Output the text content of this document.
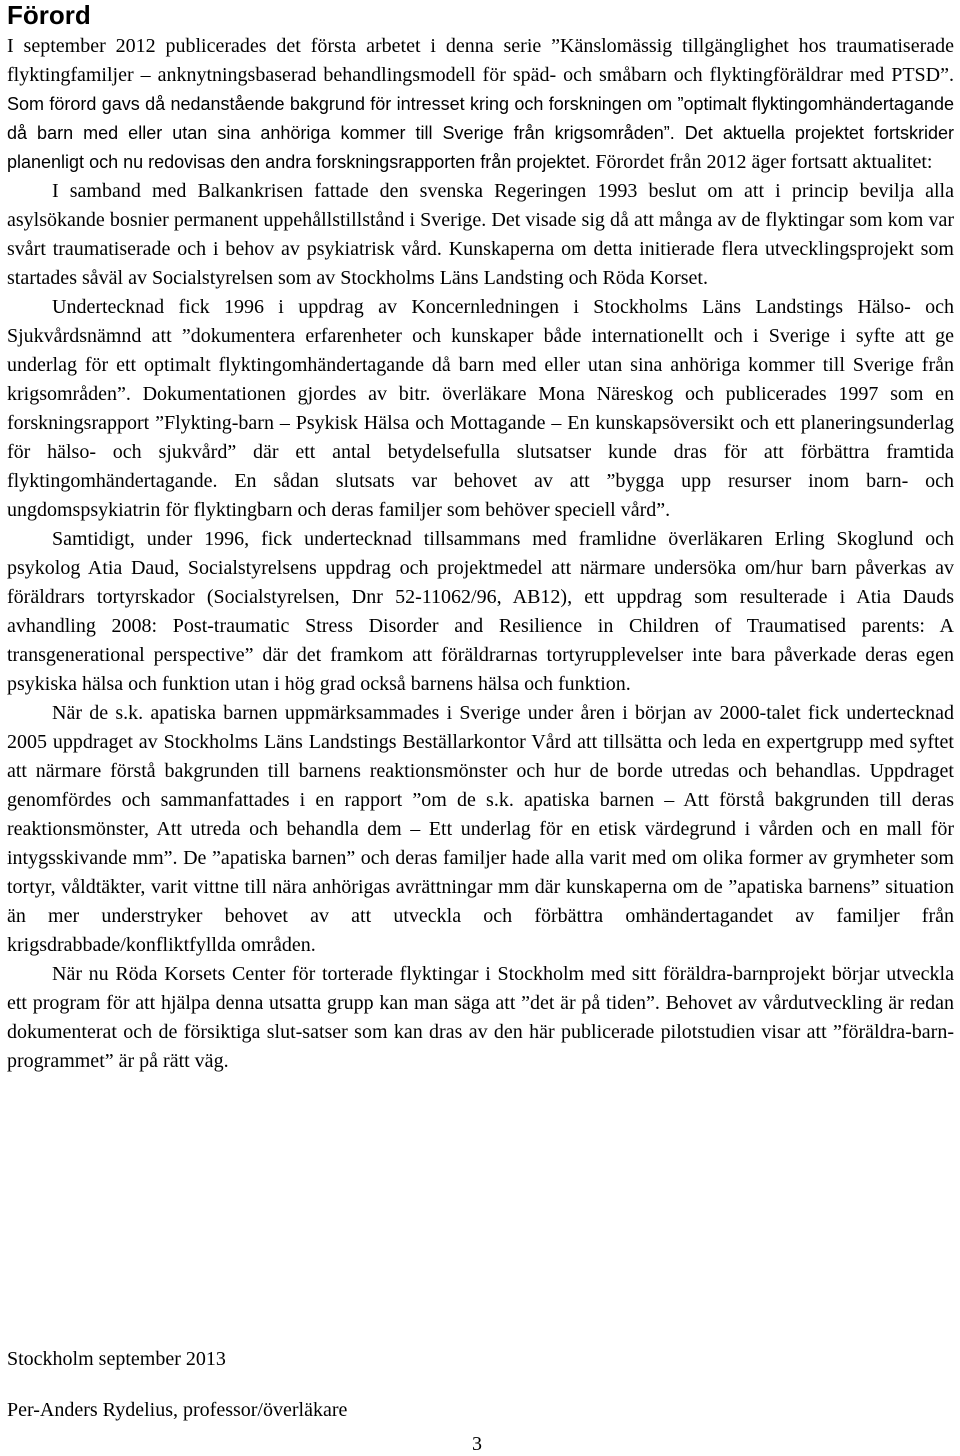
Förord

I september 2012 publicerades det första arbetet i denna serie ”Känslomässig tillgänglighet hos traumatiserade flyktingfamiljer – anknytningsbaserad behandlingsmodell för späd- och småbarn och flyktingföräldrar med PTSD”. Som förord gavs då nedanstående bakgrund för intresset kring och forskningen om ”optimalt flyktingomhändertagande då barn med eller utan sina anhöriga kommer till Sverige från krigsområden”. Det aktuella projektet fortskrider planenligt och nu redovisas den andra forskningsrapporten från projektet. Förordet från 2012 äger fortsatt aktualitet:

I samband med Balkankrisen fattade den svenska Regeringen 1993 beslut om att i princip bevilja alla asylsökande bosnier permanent uppehållstillstånd i Sverige. Det visade sig då att många av de flyktingar som kom var svårt traumatiserade och i behov av psykiatrisk vård. Kunskaperna om detta initierade flera utvecklingsprojekt som startades såväl av Socialstyrelsen som av Stockholms Läns Landsting och Röda Korset.

Undertecknad fick 1996 i uppdrag av Koncernledningen i Stockholms Läns Landstings Hälso- och Sjukvårdsnämnd att ”dokumentera erfarenheter och kunskaper både internationellt och i Sverige i syfte att ge underlag för ett optimalt flyktingomhändertagande då barn med eller utan sina anhöriga kommer till Sverige från krigsområden”. Dokumentationen gjordes av bitr. överläkare Mona Näreskog och publicerades 1997 som en forskningsrapport ”Flykting-barn – Psykisk Hälsa och Mottagande – En kunskapsöversikt och ett planeringsunderlag för hälso- och sjukvård” där ett antal betydelsefulla slutsatser kunde dras för att förbättra framtida flyktingomhändertagande. En sådan slutsats var behovet av att ”bygga upp resurser inom barn- och ungdomspsykiatrin för flyktingbarn och deras familjer som behöver speciell vård”.

Samtidigt, under 1996, fick undertecknad tillsammans med framlidne överläkaren Erling Skoglund och psykolog Atia Daud, Socialstyrelsens uppdrag och projektmedel att närmare undersöka om/hur barn påverkas av föräldrars tortyrskador (Socialstyrelsen, Dnr 52-11062/96, AB12), ett uppdrag som resulterade i Atia Dauds avhandling 2008: Post-traumatic Stress Disorder and Resilience in Children of Traumatised parents: A transgenerational perspective” där det framkom att föräldrarnas tortyrupplevelser inte bara påverkade deras egen psykiska hälsa och funktion utan i hög grad också barnens hälsa och funktion.

När de s.k. apatiska barnen uppmärksammades i Sverige under åren i början av 2000-talet fick undertecknad 2005 uppdraget av Stockholms Läns Landstings Beställarkontor Vård att tillsätta och leda en expertgrupp med syftet att närmare förstå bakgrunden till barnens reaktionsmönster och hur de borde utredas och behandlas. Uppdraget genomfördes och sammanfattades i en rapport ”om de s.k. apatiska barnen – Att förstå bakgrunden till deras reaktionsmönster, Att utreda och behandla dem – Ett underlag för en etisk värdegrund i vården och en mall för intygsskivande mm”. De ”apatiska barnen” och deras familjer hade alla varit med om olika former av grymheter som tortyr, våldtäkter, varit vittne till nära anhörigas avrättningar mm där kunskaperna om de ”apatiska barnens” situation än mer understryker behovet av att utveckla och förbättra omhändertagandet av familjer från krigsdrabbade/konfliktfyllda områden.

När nu Röda Korsets Center för torterade flyktingar i Stockholm med sitt föräldra-barnprojekt börjar utveckla ett program för att hjälpa denna utsatta grupp kan man säga att ”det är på tiden”. Behovet av vårdutveckling är redan dokumenterat och de försiktiga slut-satser som kan dras av den här publicerade pilotstudien visar att ”föräldra-barn-programmet” är på rätt väg.

Stockholm september 2013

Per-Anders Rydelius, professor/överläkare

3
